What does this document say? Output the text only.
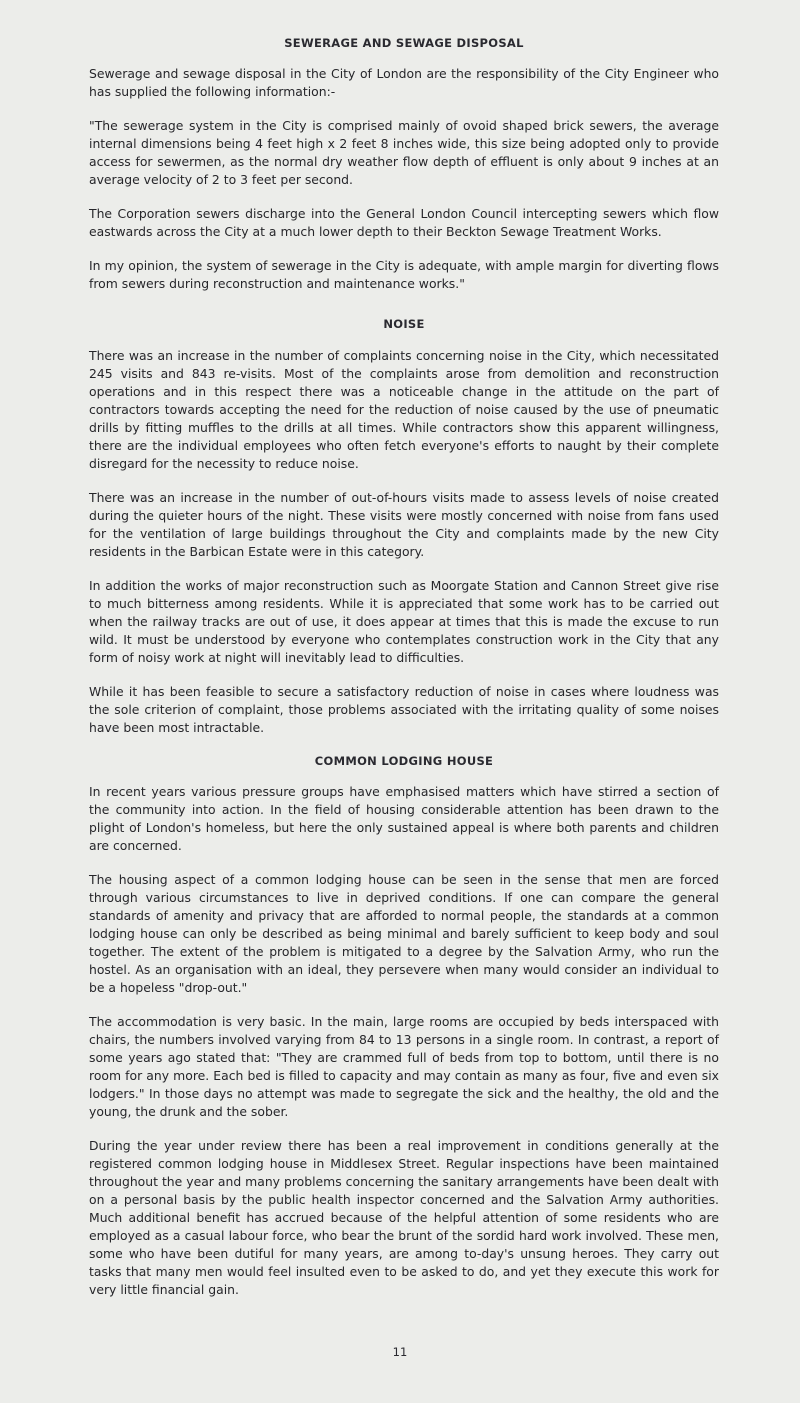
SEWERAGE AND SEWAGE DISPOSAL

Sewerage and sewage disposal in the City of London are the responsibility of the City Engineer who has supplied the following information:-

"The sewerage system in the City is comprised mainly of ovoid shaped brick sewers, the average internal dimensions being 4 feet high x 2 feet 8 inches wide, this size being adopted only to provide access for sewermen, as the normal dry weather flow depth of effluent is only about 9 inches at an average velocity of 2 to 3 feet per second.

The Corporation sewers discharge into the General London Council intercepting sewers which flow eastwards across the City at a much lower depth to their Beckton Sewage Treatment Works.

In my opinion, the system of sewerage in the City is adequate, with ample margin for diverting flows from sewers during reconstruction and maintenance works."

NOISE

There was an increase in the number of complaints concerning noise in the City, which necessitated 245 visits and 843 re-visits. Most of the complaints arose from demolition and reconstruction operations and in this respect there was a noticeable change in the attitude on the part of contractors towards accepting the need for the reduction of noise caused by the use of pneumatic drills by fitting muffles to the drills at all times. While contractors show this apparent willingness, there are the individual employees who often fetch everyone's efforts to naught by their complete disregard for the necessity to reduce noise.

There was an increase in the number of out-of-hours visits made to assess levels of noise created during the quieter hours of the night. These visits were mostly concerned with noise from fans used for the ventilation of large buildings throughout the City and complaints made by the new City residents in the Barbican Estate were in this category.

In addition the works of major reconstruction such as Moorgate Station and Cannon Street give rise to much bitterness among residents. While it is appreciated that some work has to be carried out when the railway tracks are out of use, it does appear at times that this is made the excuse to run wild. It must be understood by everyone who contemplates construction work in the City that any form of noisy work at night will inevitably lead to difficulties.

While it has been feasible to secure a satisfactory reduction of noise in cases where loudness was the sole criterion of complaint, those problems associated with the irritating quality of some noises have been most intractable.

COMMON LODGING HOUSE

In recent years various pressure groups have emphasised matters which have stirred a section of the community into action. In the field of housing considerable attention has been drawn to the plight of London's homeless, but here the only sustained appeal is where both parents and children are concerned.

The housing aspect of a common lodging house can be seen in the sense that men are forced through various circumstances to live in deprived conditions. If one can compare the general standards of amenity and privacy that are afforded to normal people, the standards at a common lodging house can only be described as being minimal and barely sufficient to keep body and soul together. The extent of the problem is mitigated to a degree by the Salvation Army, who run the hostel. As an organisation with an ideal, they persevere when many would consider an individual to be a hopeless "drop-out."

The accommodation is very basic. In the main, large rooms are occupied by beds interspaced with chairs, the numbers involved varying from 84 to 13 persons in a single room. In contrast, a report of some years ago stated that: "They are crammed full of beds from top to bottom, until there is no room for any more. Each bed is filled to capacity and may contain as many as four, five and even six lodgers." In those days no attempt was made to segregate the sick and the healthy, the old and the young, the drunk and the sober.

During the year under review there has been a real improvement in conditions generally at the registered common lodging house in Middlesex Street. Regular inspections have been maintained throughout the year and many problems concerning the sanitary arrangements have been dealt with on a personal basis by the public health inspector concerned and the Salvation Army authorities. Much additional benefit has accrued because of the helpful attention of some residents who are employed as a casual labour force, who bear the brunt of the sordid hard work involved. These men, some who have been dutiful for many years, are among to-day's unsung heroes. They carry out tasks that many men would feel insulted even to be asked to do, and yet they execute this work for very little financial gain.

11
